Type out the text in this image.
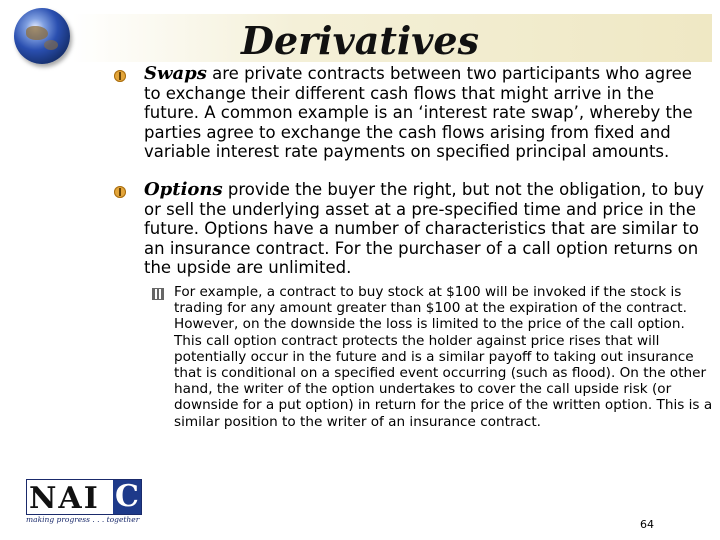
Derivatives
Swaps are private contracts between two participants who agree to exchange their different cash flows that might arrive in the future. A common example is an ‘interest rate swap’, whereby the parties agree to exchange the cash flows arising from fixed and variable interest rate payments on specified principal amounts.
Options provide the buyer the right, but not the obligation, to buy or sell the underlying asset at a pre-specified time and price in the future. Options have a number of characteristics that are similar to an insurance contract. For the purchaser of a call option returns on the upside are unlimited.
For example, a contract to buy stock at $100 will be invoked if the stock is trading for any amount greater than $100 at the expiration of the contract. However, on the downside the loss is limited to the price of the call option. This call option contract protects the holder against price rises that will potentially occur in the future and is a similar payoff to taking out insurance that is conditional on a specified event occurring (such as flood). On the other hand, the writer of the option undertakes to cover the call upside risk (or downside for a put option) in return for the price of the written option. This is a similar position to the writer of an insurance contract.
NAI C
making progress . . . together	64
